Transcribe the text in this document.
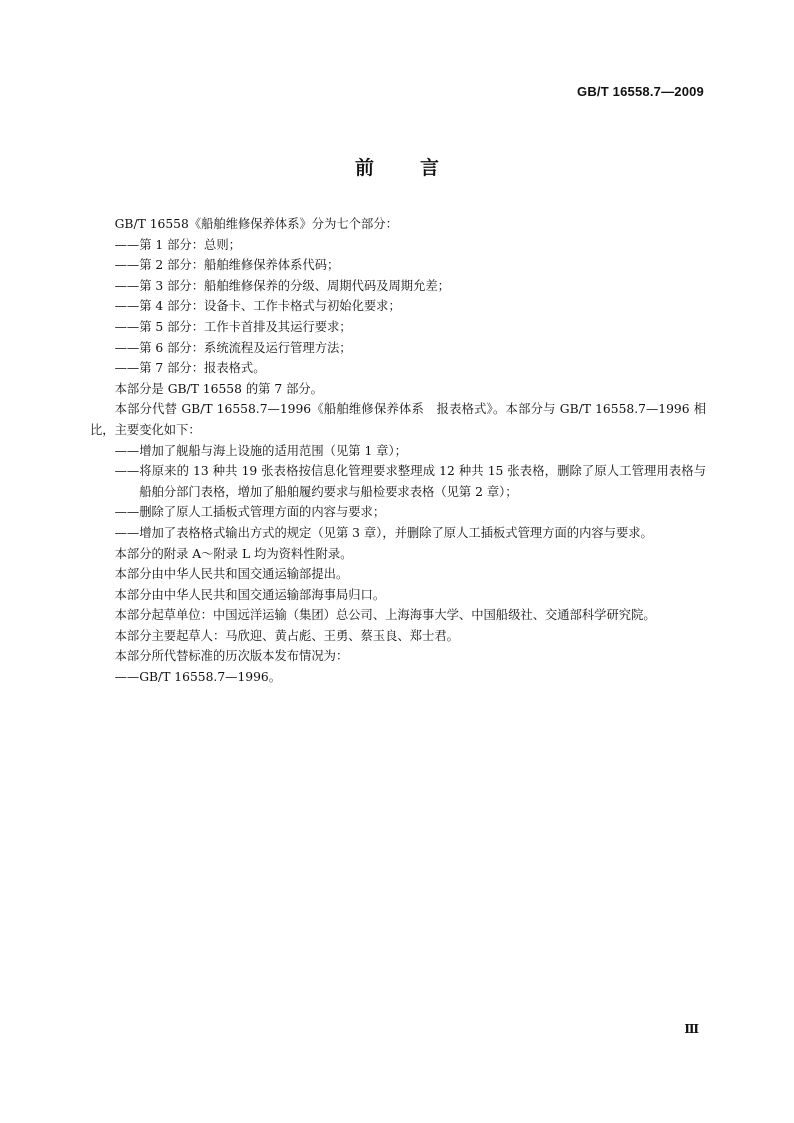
GB/T 16558.7—2009
前言

GB/T 16558《船舶维修保养体系》分为七个部分：

——第 1 部分：总则；

——第 2 部分：船舶维修保养体系代码；

——第 3 部分：船舶维修保养的分级、周期代码及周期允差；

——第 4 部分：设备卡、工作卡格式与初始化要求；

——第 5 部分：工作卡首排及其运行要求；

——第 6 部分：系统流程及运行管理方法；

——第 7 部分：报表格式。

本部分是 GB/T 16558 的第 7 部分。

本部分代替 GB/T 16558.7—1996《船舶维修保养体系　报表格式》。本部分与 GB/T 16558.7—1996 相比，主要变化如下：

——增加了舰船与海上设施的适用范围（见第 1 章）；

——将原来的 13 种共 19 张表格按信息化管理要求整理成 12 种共 15 张表格，删除了原人工管理用表格与船舶分部门表格，增加了船舶履约要求与船检要求表格（见第 2 章）；

——删除了原人工插板式管理方面的内容与要求；

——增加了表格格式输出方式的规定（见第 3 章），并删除了原人工插板式管理方面的内容与要求。

本部分的附录 A～附录 L 均为资料性附录。

本部分由中华人民共和国交通运输部提出。

本部分由中华人民共和国交通运输部海事局归口。

本部分起草单位：中国远洋运输（集团）总公司、上海海事大学、中国船级社、交通部科学研究院。

本部分主要起草人：马欣迎、黄占彪、王勇、蔡玉良、郑士君。

本部分所代替标准的历次版本发布情况为：

——GB/T 16558.7—1996。

Ⅲ
